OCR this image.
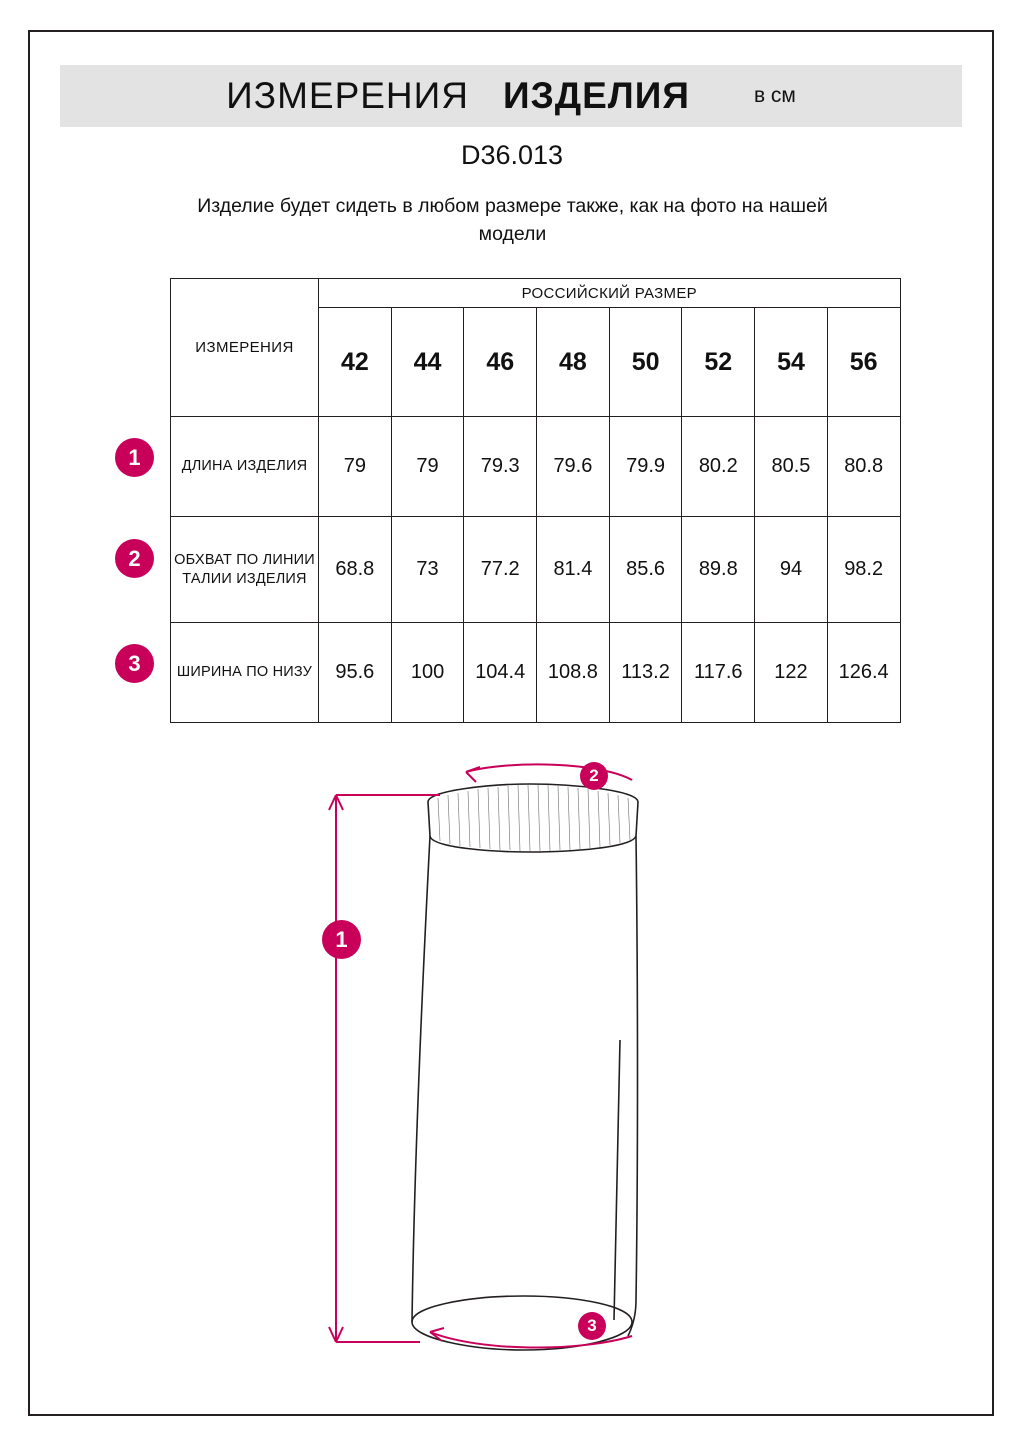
ИЗМЕРЕНИЯ ИЗДЕЛИЯ	в см
D36.013
Изделие будет сидеть в любом размере также, как на фото на нашей модели
ИЗМЕРЕНИЯ	РОССИЙСКИЙ РАЗМЕР							
	42	44	46	48	50	52	54	56
ДЛИНА ИЗДЕЛИЯ	79	79	79.3	79.6	79.9	80.2	80.5	80.8
ОБХВАТ ПО ЛИНИИ ТАЛИИ ИЗДЕЛИЯ	68.8	73	77.2	81.4	85.6	89.8	94	98.2
ШИРИНА ПО НИЗУ	95.6	100	104.4	108.8	113.2	117.6	122	126.4
1
2
3
2
1
3
